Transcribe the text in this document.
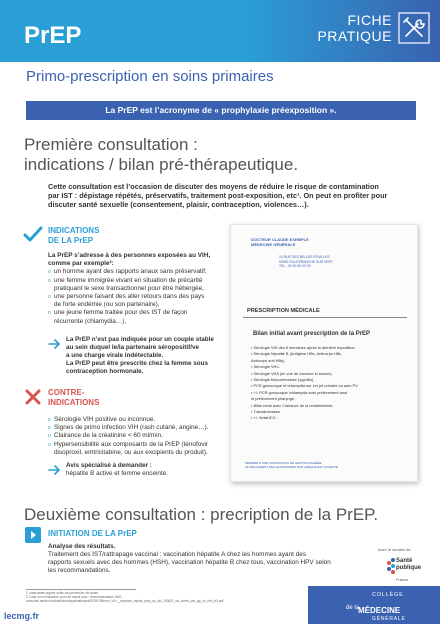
PrEP
FICHE
PRATIQUE
Primo-prescription en soins primaires
La PrEP est l’acronyme de « prophylaxie préexposition ».
Première consultation :
indications / bilan pré-thérapeutique.
Cette consultation est l’occasion de discuter des moyens de réduire le risque de contamination
par IST : dépistage répétés, préservatifs, traitement post-exposition, etc¹. On peut en profiter pour
discuter santé sexuelle (consentement, plaisir, contraception, violences…).
INDICATIONS
DE LA PrEP
La PrEP s’adresse à des personnes exposées au VIH,
comme par exemple²:
o un homme ayant des rapports anaux sans préservatif,
o une femme immigrée vivant en situation de précarité
pratiquant le sexe transactionnel pour être hébergée,
o une personne faisant des aller retours dans des pays
de forte endémie (ou son partenaire),
o une jeune femme traitée pour des IST de façon
récurrente (chlamydia…),
La PrEP n’est pas indiquée pour un couple stable
au sein duquel le/la partenaire séropositif/ve
a une charge virale indétectable.
La PrEP peut être prescrite chez la femme sous
contraception hormonale.
CONTRE-
INDICATIONS
o Sérologie VIH positive ou inconnue.
o Signes de primo infection VIH (rash cutané, angine…).
o Clairance de la créatinine < 60 ml/min.
o Hypersensibilité aux composants de la PrEP (ténofovir
disoproxil, emtricitabine, ou aux excipients du produit).
Avis spécialisé à demander :
hépatite B active et femme enceinte.
DOCTEUR CLAUDE EXEMPLE
MÉDECINE GÉNÉRALE
10 RUE DES BELLES FEUILLES
00000 VILLEFRANCHE SUR VERT
TEL : 00 00 00 00 00
PRESCRIPTION MÉDICALE
Bilan initial avant prescription de la PrEP
• Sérologie VIH dès 6 semaines après la dernière exposition.
• Sérologie hépatite B (Antigène HBs, Anticorps HBc,
Anticorps anti HBs).
• Sérologie VHC.
• Sérologie VHA (en vue de vacciner si besoin).
• Sérologie tréponématose (syphilis).
• PCR gonocoque et chlamydia sur 1er jet urinaire ou auto PV.
• +/- PCR gonocoque /chlamydia auto prélèvement anal
et prélèvement pharyngé.
• Bilan rénal avec Clairance de la créatininémie.
• Transaminases.
• +/- ßetaHCG.
MEMBRE D’UNE ASSOCIATION DE GESTION AGRÉÉE
LE RÈGLEMENT DES HONORAIRES PAR CHÈQUE EST ACCEPTÉ
Deuxième consultation : precription de la PrEP.
INITIATION DE LA PrEP
Analyse des résultats.
Traitement des IST/rattrapage vaccinal : vaccination hépatite A chez les hommes ayant des
rapports sexuels avec des hommes (HSH), vaccination hépatite B chez tous, vaccination HPV selon
les recommandations.
Avec le soutien de
Santé
publique
France
1. www.aides.org/les-outils-de-prevention-vih-aides
2. Liste non exhaustive, pour en savoir plus : recommandation HAS :
www.has-sante.fr/upload/docs/application/pdf/2019-06/reco_VIH__reponse_rapide_prep_sc_vih_190621_vd_suivie_pm_pg_vd_mrf_vf3.pdf
lecmg.fr
COLLÈGE
de la
MÉDECINE
GÉNÉRALE
